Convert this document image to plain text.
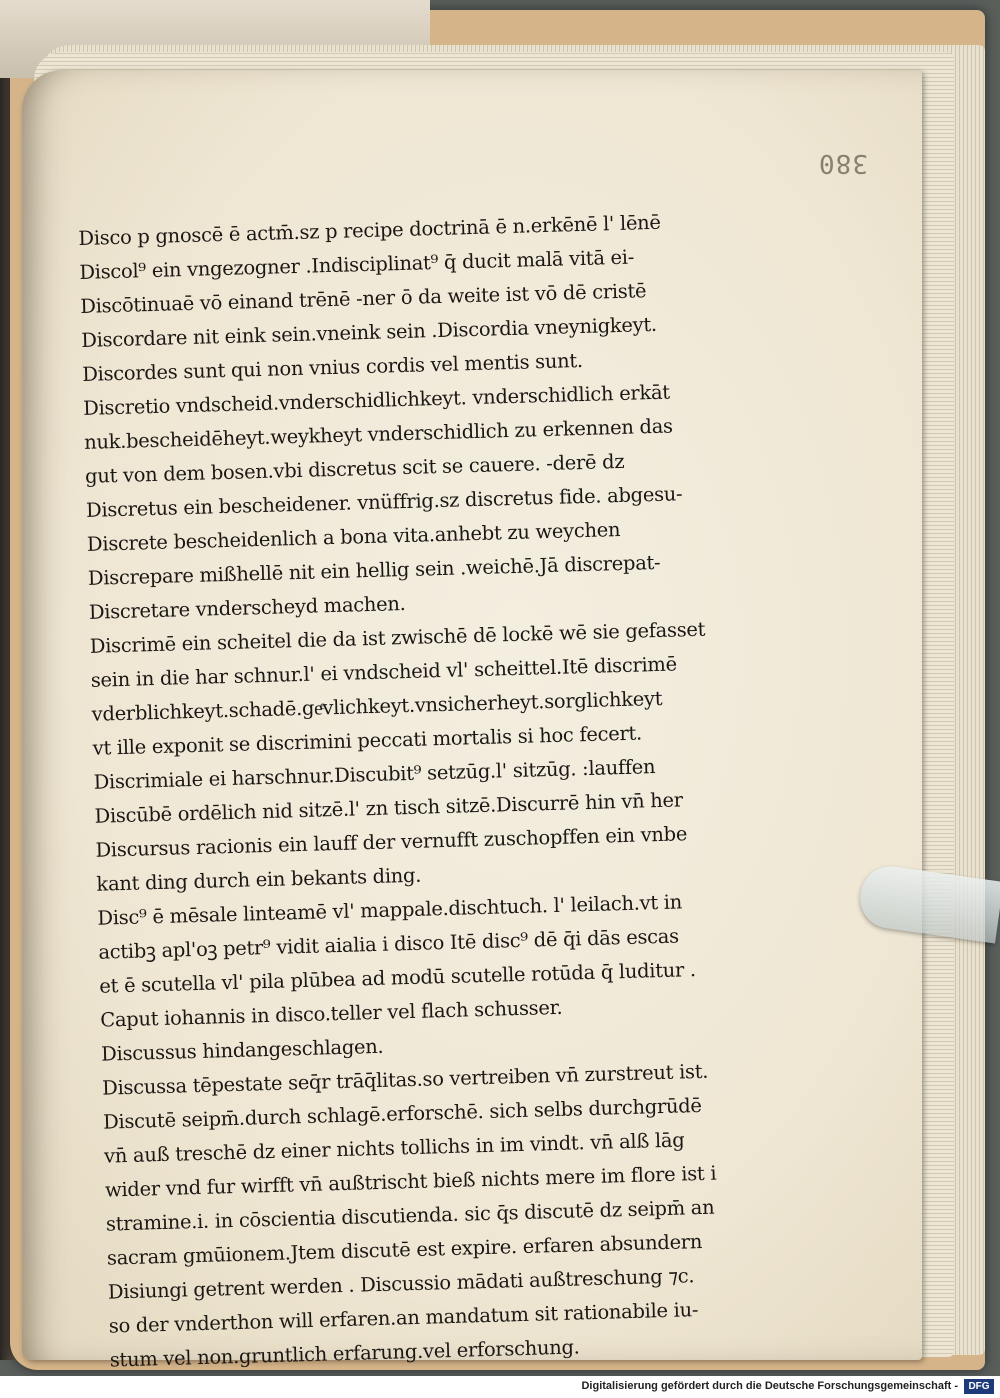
380
Disco p gnoscē ē actm̄.sz p recipe doctrinā ē n.erkēnē l' lēnē
Discol⁹ ein vngezogner .Indisciplinat⁹ q̄ ducit malā vitā ei-
Discōtinuaē vō einand trēnē -ner ō da weite ist vō dē cristē
Discordare nit eink sein.vneink sein .Discordia vneynigkeyt.
Discordes sunt qui non vnius cordis vel mentis sunt.
Discretio vndscheid.vnderschidlichkeyt. vnderschidlich erkāt
nuk.bescheidēheyt.weykheyt vnderschidlich zu erkennen das
gut von dem bosen.vbi discretus scit se cauere. -derē dz
Discretus ein bescheidener. vnüffrig.sz discretus fide. abgesu-
Discrete bescheidenlich a bona vita.anhebt zu weychen
Discrepare mißhellē nit ein hellig sein .weichē.Jā discrepat-
Discretare vnderscheyd machen.
Discrimē ein scheitel die da ist zwischē dē lockē wē sie gefasset
sein in die har schnur.l' ei vndscheid vl' scheittel.Itē discrimē
vderblichkeyt.schadē.geͤvlichkeyt.vnsicherheyt.sorglichkeyt
vt ille exponit se discrimini peccati mortalis si hoc fecert.
Discrimiale ei harschnur.Discubit⁹ setzūg.l' sitzūg. :lauffen
Discūbē ordēlich nid sitzē.l' zn tisch sitzē.Discurrē hin vn̄ her
Discursus racionis ein lauff der vernufft zuschopffen ein vnbe
kant ding durch ein bekants ding.
Disc⁹ ē mēsale linteamē vl' mappale.dischtuch. l' leilach.vt in
actibꝫ apl'oꝫ petr⁹ vidit aialia i disco Itē disc⁹ dē q̄i dās escas
et ē scutella vl' pila plūbea ad modū scutelle rotūda q̄ luditur .
Caput iohannis in disco.teller vel flach schusser.
Discussus hindangeschlagen.
Discussa tēpestate seq̄r trāq̄litas.so vertreiben vn̄ zurstreut ist.
Discutē seipm̄.durch schlagē.erforschē. sich selbs durchgrūdē
vn̄ auß treschē dz einer nichts tollichs in im vindt. vn̄ alß lāg
wider vnd fur wirfft vn̄ außtrischt bieß nichts mere im flore ist i
stramine.i. in cōscientia discutienda. sic q̄s discutē dz seipm̄ an
sacram gmūionem.Jtem discutē est expire. erfaren absundern
Disiungi getrent werden . Discussio mādati außtreschung ⁊c.
so der vnderthon will erfaren.an mandatum sit rationabile iu-
stum vel non.gruntlich erfarung.vel erforschung.
Digitalisierung gefördert durch die Deutsche Forschungsgemeinschaft -	DFG
